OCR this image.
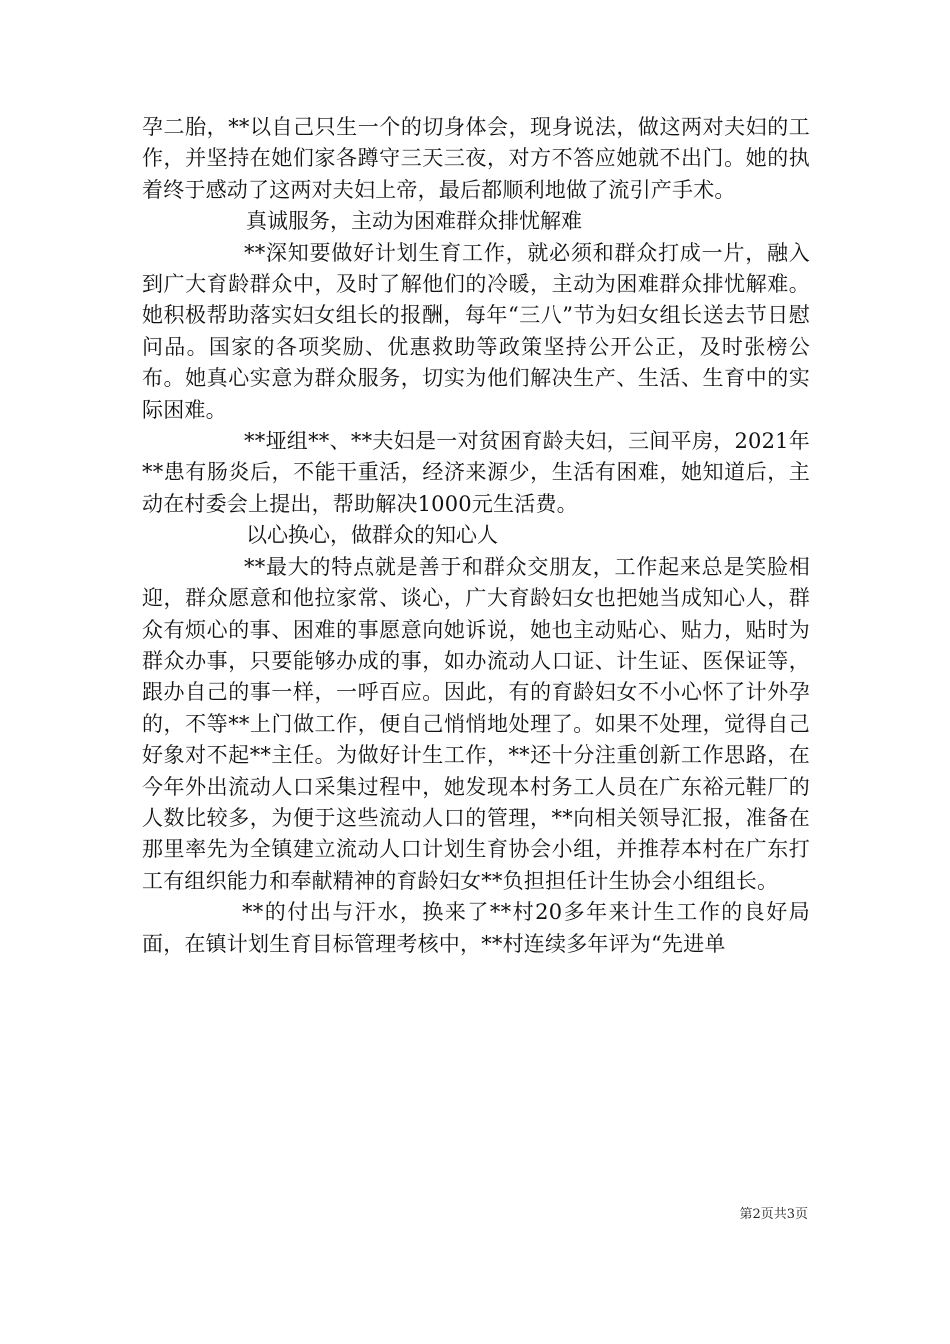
孕二胎，**以自己只生一个的切身体会，现身说法，做这两对夫妇的工作，并坚持在她们家各蹲守三天三夜，对方不答应她就不出门。她的执着终于感动了这两对夫妇上帝，最后都顺利地做了流引产手术。

真诚服务，主动为困难群众排忧解难

**深知要做好计划生育工作，就必须和群众打成一片，融入到广大育龄群众中，及时了解他们的冷暖，主动为困难群众排忧解难。她积极帮助落实妇女组长的报酬，每年“三八”节为妇女组长送去节日慰问品。国家的各项奖励、优惠救助等政策坚持公开公正，及时张榜公布。她真心实意为群众服务，切实为他们解决生产、生活、生育中的实际困难。

**垭组**、**夫妇是一对贫困育龄夫妇，三间平房，2021年**患有肠炎后，不能干重活，经济来源少，生活有困难，她知道后，主动在村委会上提出，帮助解决1000元生活费。

以心换心，做群众的知心人

**最大的特点就是善于和群众交朋友，工作起来总是笑脸相迎，群众愿意和他拉家常、谈心，广大育龄妇女也把她当成知心人，群众有烦心的事、困难的事愿意向她诉说，她也主动贴心、贴力，贴时为群众办事，只要能够办成的事，如办流动人口证、计生证、医保证等，跟办自己的事一样，一呼百应。因此，有的育龄妇女不小心怀了计外孕的，不等**上门做工作，便自己悄悄地处理了。如果不处理，觉得自己好象对不起**主任。为做好计生工作，**还十分注重创新工作思路，在今年外出流动人口采集过程中，她发现本村务工人员在广东裕元鞋厂的人数比较多，为便于这些流动人口的管理，**向相关领导汇报，准备在那里率先为全镇建立流动人口计划生育协会小组，并推荐本村在广东打工有组织能力和奉献精神的育龄妇女**负担担任计生协会小组组长。

**的付出与汗水，换来了**村20多年来计生工作的良好局面，在镇计划生育目标管理考核中，**村连续多年评为“先进单

第2页共3页
